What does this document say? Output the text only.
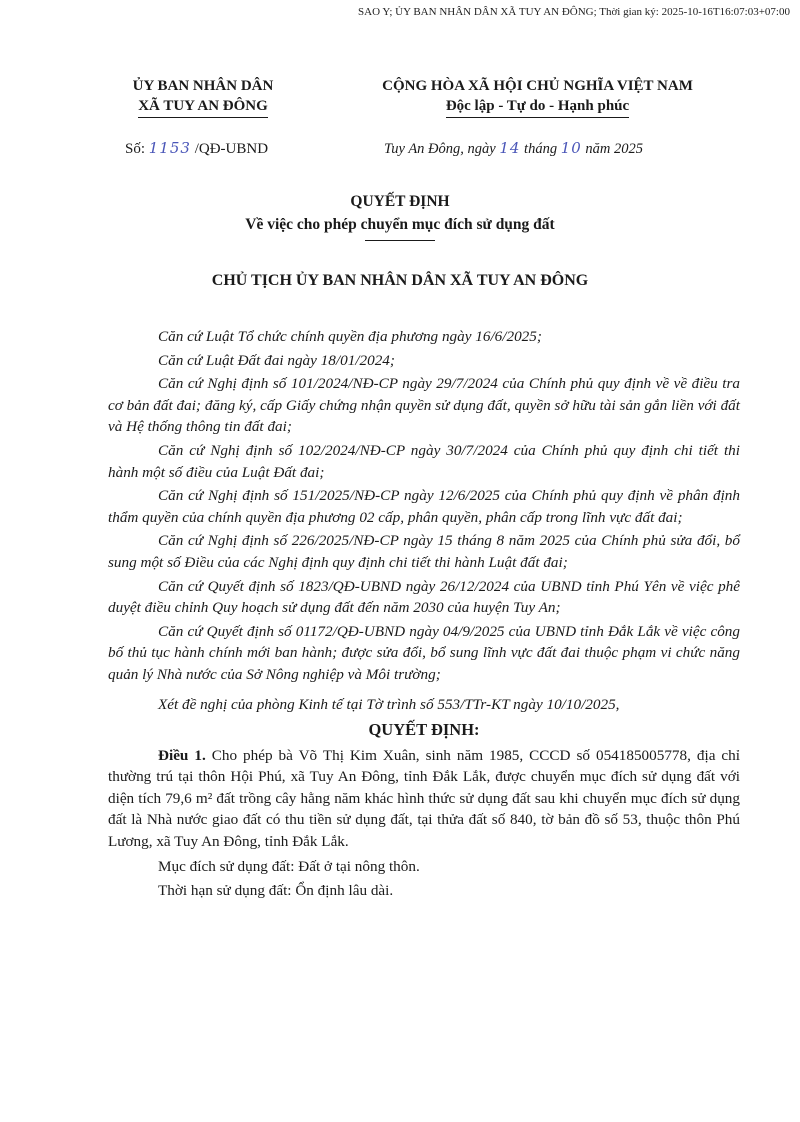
SAO Y; ỦY BAN NHÂN DÂN XÃ TUY AN ĐÔNG; Thời gian ký: 2025-10-16T16:07:03+07:00
ỦY BAN NHÂN DÂN
XÃ TUY AN ĐÔNG
CỘNG HÒA XÃ HỘI CHỦ NGHĨA VIỆT NAM
Độc lập - Tự do - Hạnh phúc
Số: 1153 /QĐ-UBND	Tuy An Đông, ngày 14 tháng 10 năm 2025
QUYẾT ĐỊNH
Về việc cho phép chuyển mục đích sử dụng đất
CHỦ TỊCH ỦY BAN NHÂN DÂN XÃ TUY AN ĐÔNG

Căn cứ Luật Tổ chức chính quyền địa phương ngày 16/6/2025;

Căn cứ Luật Đất đai ngày 18/01/2024;

Căn cứ Nghị định số 101/2024/NĐ-CP ngày 29/7/2024 của Chính phủ quy định về về điều tra cơ bản đất đai; đăng ký, cấp Giấy chứng nhận quyền sử dụng đất, quyền sở hữu tài sản gắn liền với đất và Hệ thống thông tin đất đai;

Căn cứ Nghị định số 102/2024/NĐ-CP ngày 30/7/2024 của Chính phủ quy định chi tiết thi hành một số điều của Luật Đất đai;

Căn cứ Nghị định số 151/2025/NĐ-CP ngày 12/6/2025 của Chính phủ quy định về phân định thẩm quyền của chính quyền địa phương 02 cấp, phân quyền, phân cấp trong lĩnh vực đất đai;

Căn cứ Nghị định số 226/2025/NĐ-CP ngày 15 tháng 8 năm 2025 của Chính phủ sửa đổi, bổ sung một số Điều của các Nghị định quy định chi tiết thi hành Luật đất đai;

Căn cứ Quyết định số 1823/QĐ-UBND ngày 26/12/2024 của UBND tỉnh Phú Yên về việc phê duyệt điều chỉnh Quy hoạch sử dụng đất đến năm 2030 của huyện Tuy An;

Căn cứ Quyết định số 01172/QĐ-UBND ngày 04/9/2025 của UBND tỉnh Đắk Lắk về việc công bố thủ tục hành chính mới ban hành; được sửa đổi, bổ sung lĩnh vực đất đai thuộc phạm vi chức năng quản lý Nhà nước của Sở Nông nghiệp và Môi trường;

Xét đề nghị của phòng Kinh tế tại Tờ trình số 553/TTr-KT ngày 10/10/2025,

QUYẾT ĐỊNH:

Điều 1. Cho phép bà Võ Thị Kim Xuân, sinh năm 1985, CCCD số 054185005778, địa chỉ thường trú tại thôn Hội Phú, xã Tuy An Đông, tỉnh Đắk Lắk, được chuyển mục đích sử dụng đất với diện tích 79,6 m² đất trồng cây hằng năm khác hình thức sử dụng đất sau khi chuyển mục đích sử dụng đất là Nhà nước giao đất có thu tiền sử dụng đất, tại thửa đất số 840, tờ bản đồ số 53, thuộc thôn Phú Lương, xã Tuy An Đông, tỉnh Đắk Lắk.

Mục đích sử dụng đất: Đất ở tại nông thôn.

Thời hạn sử dụng đất: Ổn định lâu dài.
